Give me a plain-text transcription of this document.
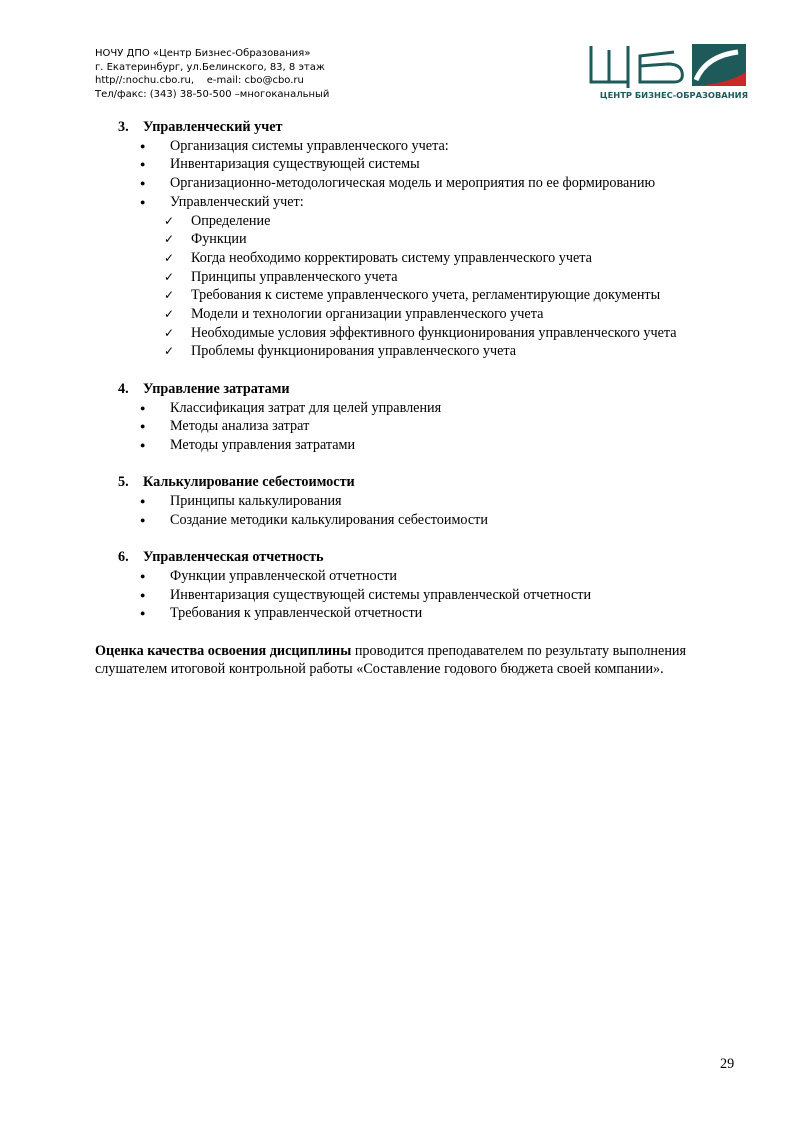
НОЧУ ДПО «Центр Бизнес-Образования»
г. Екатеринбург, ул.Белинского, 83, 8 этаж
http//:nochu.cbo.ru,    e-mail: cbo@cbo.ru
Тел/факс: (343) 38-50-500 –многоканальный	ЦЕНТР БИЗНЕС-ОБРАЗОВАНИЯ
3.	Управленческий учет
●	Организация системы управленческого учета:
●	Инвентаризация существующей системы
●	Организационно-методологическая модель и мероприятия по ее формированию
●	Управленческий учет:
✓	Определение
✓	Функции
✓	Когда необходимо корректировать систему управленческого учета
✓	Принципы управленческого учета
✓	Требования к системе управленческого учета, регламентирующие документы
✓	Модели и технологии организации управленческого учета
✓	Необходимые условия эффективного функционирования управленческого учета
✓	Проблемы функционирования управленческого учета
4.	Управление затратами
●	Классификация затрат для целей управления
●	Методы анализа затрат
●	Методы управления затратами
5.	Калькулирование себестоимости
●	Принципы калькулирования
●	Создание методики калькулирования себестоимости
6.	Управленческая отчетность
●	Функции управленческой отчетности
●	Инвентаризация существующей системы управленческой отчетности
●	Требования к управленческой отчетности

Оценка качества освоения дисциплины проводится преподавателем по результату выполнения слушателем итоговой контрольной работы «Составление годового бюджета своей компании».

29
